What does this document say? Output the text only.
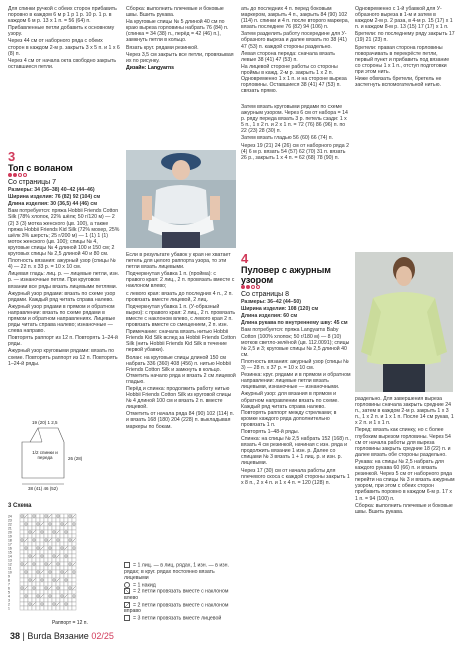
Для спинки ручкой с обеих сторон прибавить поровно в каждом 6 м р 1 р 1 р. 10 р. 1 р. в каждом 6 м р. 13 x 1 п. = 56 (64) п.

Прибавленные петли добавить к основному узору.

Через 44 см от наборного ряда с обеих сторон в каждом 2-м р. закрыть 3 x 5 п. и 1 x 6 (8) п.

Через 4 см от начала окта свободно закрыть оставшиеся петли.

Сборка: выполнить плечевые и боковые швы. Вшить рукава.

На круговые спицы № 5 длиной 40 см по краю выреза горловины набрать 76 (84) п. (спинка = 34 (38) п., перёд = 42 (46) п.), замкнуть петли в кольцо.

Вязать круг. рядами резинкой.

Через 3,5 см закрыть все петли, провязывая их по рисунку.

Дизайн: Langyarns

ать до последних 4 п. перед боковым маркером, закрыть 4 п., закрыть 84 (90) 102 (114) п. спинки и 4 п. после второго маркера, вязать последнее 76 (82) 94 (106) п.

Затем разделить работу посередине для У-образного выреза и далее вязать по 38 (41) 47 (53) п. каждой стороны раздельно.

Левая сторона переда: сначала вязать левые 38 (41) 47 (53) п.

На лицевой стороне работы со стороны проймы в кажд. 2-м р. закрыть 1 x 2 п. Одновременно 1 x 1 п. и на стороне выреза горловины. Оставшиеся 38 (41) 47 (53) п. связать прямо.

Одновременно с 1-й убавкой для У-образного выреза в 1-м и затем в каждом 2-м р. 2 раза, в 4-м р. 15 (17) x 1 п. и каждом 8-м р. 13 (15) 17 (17) x 1 п.

Бретели: по последнему ряду закрыть 17 (19) 21 (23) п.

Бретели: правая сторона горловины поворачивать в перекрёсте петли, первый пункт и прибавить под вязание со стороны 1 x 1 п., отступ подготовки при этом нить.

Ниже обвязать бретели, бретель не застегнуть вспомогательной нитью.

3
Топ с воланом
Со страницы 7

Размеры: 34 (36–38) 40–42 (44–46)

Ширина изделия: 76 (82) 92 (104) см

Длина изделия: 30 (36,5) 44 (46) см

Вам потребуется: пряжа Hobbii Friends Cotton Silk (78% хлопок, 22% шёлк; 50 г/120 м) — 2 (2) 3 (3) мотка женского (цв. 100), а также пряжа Hobbii Friends Kid Silk (72% мохер, 25% шёлк 3% шерсть; 25 г/200 м) — 1 (1) 1 (1) моток женского (цв. 100); спицы № 4, круговые спицы № 4 длиной 100 и 150 см; 2 круговых спицы № 2,5 длиной 40 и 80 см.

Плотность вязания: ажурный узор (спицы № 4) — 22 п. x 33 р. = 10 x 10 см.

Лицевая гладь: лиц. р. — лицевые петли, изн. р. — изнаночные петли. При круговом вязании все ряды вязать лицевыми петлями.

Ажурный узор рядами: вязать по схеме узор рядами. Каждый ряд читать справа налево.

Ажурный узор рядами в прямом и обратном направлении: вязать по схеме рядами в прямом и обратном направлениях. Лицевые ряды читать справа налево; изнаночные — слева направо.

Повторять раппорт из 12 п. Повторять 1–24-й ряды.

Ажурный узор круговыми рядами: вязать по схеме. Повторять раппорт из 12 п. Повторять 1–24-й ряды.

Если в результате убавок у края не хватает петель для целого раппорта узора, то эти петли вязать лицевыми.

Подчеркнутая убавка 1 п. (пройма): с правого края: 2 лиц., 2 п. провязать вместе с наклоном влево;

с левого края: вязать до последних 4 п., 2 п. провязать вместе лицевой, 2 лиц.

Подчеркнутая убавка 1 п. (У-образный вырез): с правого края: 2 лиц., 2 п. провязать вместе с наклоном влево, с левого края 2 п. провязать вместе со смещением, 2 п. изн.

Примечание: сначала вязать нитью Hobbii Friends Kid Silk вслед за Hobbii Friends Cotton Silk (нить Hobbii Friends Kid Silk в течение первой убавки).

Волан: на круговые спицы длиной 150 см набрать 336 (360) 408 (456) п. нитью Hobbii Friends Cotton Silk и замкнуть в кольцо. Отметить начало ряда и вязать 2 см лицевой гладью.

Перёд и спинка: продолжить работу нитью Hobbii Friends Cotton Silk из круговой спицы № 4 длиной 100 см и вязать 2 п. вместе лицевой.

Отметить от начала ряда 84 (90) 102 (114) п. и вязать 168 (180) 204 (228) п. выкладывая маркеры по бокам.

Затем вязать круговыми рядами по схеме ажурным узором. Через 6 см от набора = 14 р. ряду переда вязать 3 р. петель сзади: 1 x 5 п., 1 x 2 п. и 2 x 1 п. = 72 (76) 86 (96) п. по 22 (23) 28 (30) п.

Затем вязать гладью 56 (60) 66 (74) п.

Через 19 (21) 24 (26) см от наборного ряда 2 (4) 6 м p. вязать 54 (57) 62 (70) 31 п. вязать 26 р., закрыть 1 x 4 п. = 62 (68) 78 (90) п.

19 (20) 1 2,5
1/2 спинки и переда
38 (41) 46 (52)
26 (28)
3 Схема
24
23
22
21
20
19
18
17
16
15
14
13
12
11
10
9
8
7
6
5
4
3
2
1
Раппорт = 12 п.
= 1 лиц. — в лиц. рядах, 1 изн. — в изн. рядах; в круг. рядах постоянно вязать лицевыми
= 1 накид
= 2 петли провязать вместе с наклоном влево
= 2 петли провязать вместе с наклоном вправо
= 3 петли провязать вместе лицевой
4
Пуловер с ажурным узором
Со страницы 8

Размеры: 36–42 (44–50)

Ширина изделия: 108 (120) см

Длина изделия: 60 см

Длина рукава по внутреннему шву: 45 см

Вам потребуется: пряжа Langyarns Baby Cotton (100% хлопок; 50 г/180 м) — 8 (10) мотков светло-зелёной (цв. 112.0091); спицы № 2,5 и 3; круговые спицы № 2,5 длиной 40 см.

Плотность вязания: ажурный узор (спицы № 3) — 28 п. x 37 р. = 10 x 10 см.

Резинка: круг. рядами и в прямом и обратном направлении: лицевые петли вязать лицевыми, изнаночные — изнаночными.

Ажурный узор: для вязания в прямом и обратном направлении вязать по схеме. Каждый ряд читать справа налево. Повторять раппорт между стрелками; в кромке каждого ряда дополнительно провязать 1 п.

Повторять 1–48-й ряды.

Спинка: на спицы № 2,5 набрать 152 (168) п., вязать 4 см резинкой, начиная с изн. ряда и продолжить вязание 1 изн. р. Далее со спицами № 3 вязать 1 + 1 лиц. р. и изн. р. лицевыми.

Через 17 (30) см от начала работы для плечевого скоса с каждой стороны закрыть 1 x 8 п., 2 x 4 п. и 1 x 4 п. = 120 (128) п.

раздельно. Для завершения выреза горловины сначала закрыть средние 24 п., затем в каждом 2-м р. закрыть 1 x 3 п., 1 x 2 п. и 1 x 1 п. После 14 см рукав, 1 x 2 п. и 1 x 1 п.

Перед: вязать как спинку, но с более глубоким вырезом горловины. Через 54 см от начала работы для выреза горловины закрыть средние 18 (22) п. и далее вязать обе стороны раздельно.

Рукава: на спицы № 2,5 набрать для каждого рукава 60 (66) п. и вязать резинкой. Через 5 см от наборного ряда перейти на спицы № 3 и вязать ажурным узором, при этом с обеих сторон прибавить поровно в каждом 6-м р. 17 x 1 п. = 94 (100) п.

Сборка: выполнить плечевые и боковые швы. Вшить рукава.

38 | Burda Вязание 02/25
